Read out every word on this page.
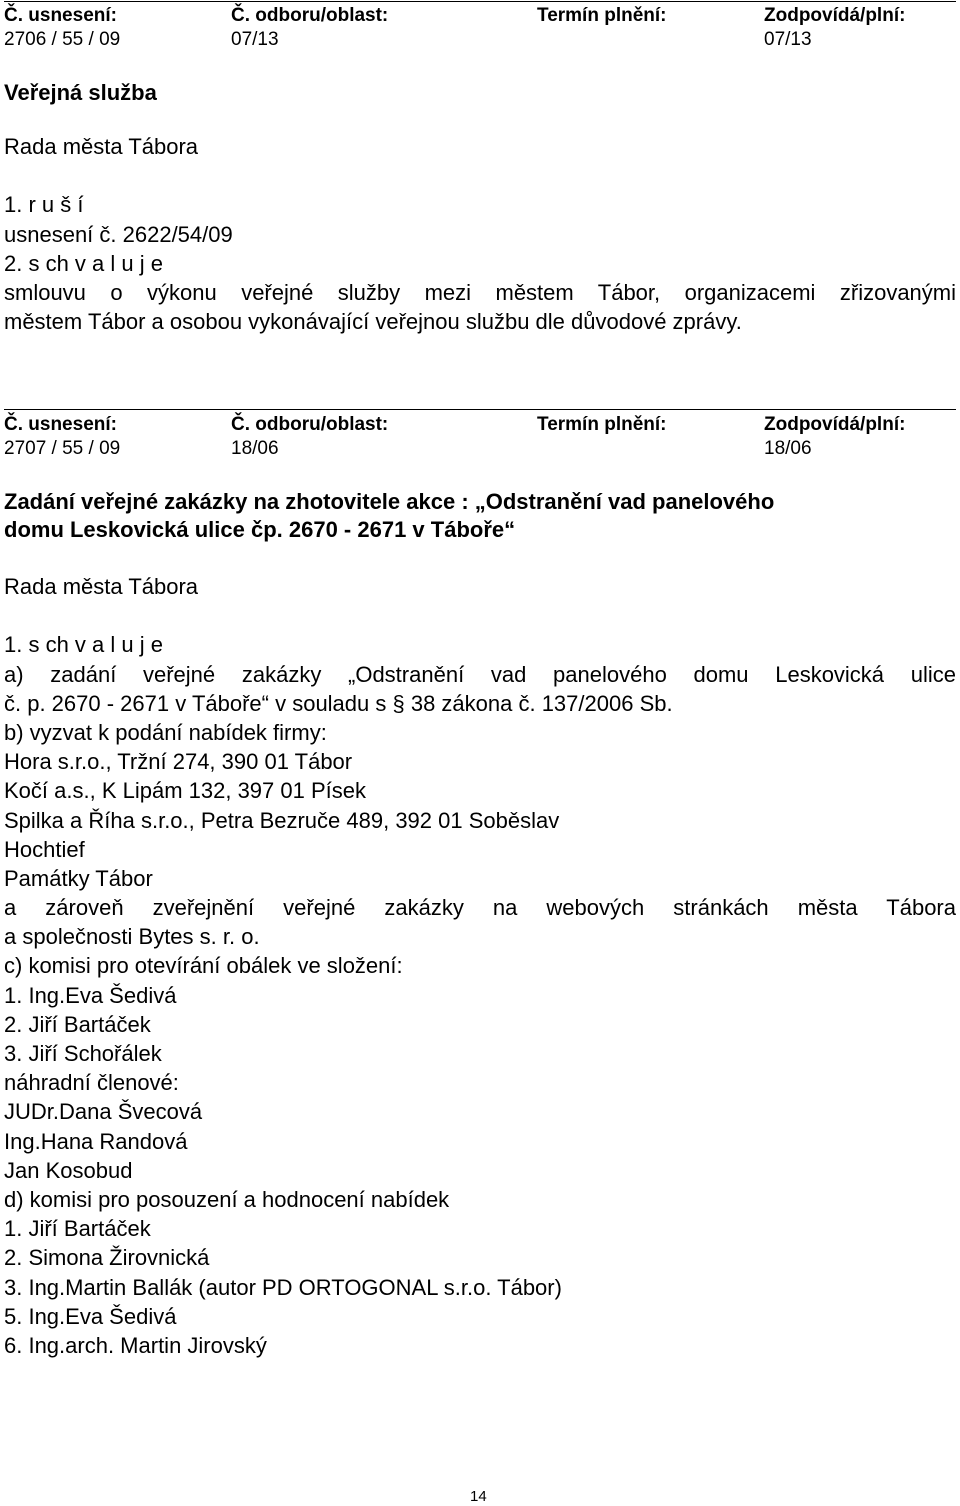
Č. usnesení:
2706 / 55 / 09
Č. odboru/oblast:
07/13
Termín plnění:	Zodpovídá/plní:
07/13
Veřejná služba
Rada města Tábora
1. r u š í
usnesení č. 2622/54/09
2. s ch v a l u j e
smlouvu o výkonu veřejné služby mezi městem Tábor, organizacemi zřizovanými
městem Tábor a osobou vykonávající veřejnou službu dle důvodové zprávy.
Č. usnesení:
2707 / 55 / 09
Č. odboru/oblast:
18/06
Termín plnění:	Zodpovídá/plní:
18/06
Zadání veřejné zakázky na zhotovitele akce : „Odstranění vad panelového
domu Leskovická ulice čp. 2670 - 2671 v Táboře“
Rada města Tábora
1. s ch v a l u j e
a) zadání veřejné zakázky „Odstranění vad panelového domu Leskovická ulice
č. p. 2670 - 2671 v Táboře“ v souladu s § 38 zákona č. 137/2006 Sb.
b) vyzvat k podání nabídek firmy:
Hora s.r.o., Tržní 274, 390 01 Tábor
Kočí a.s., K Lipám 132, 397 01 Písek
Spilka a Říha s.r.o., Petra Bezruče 489, 392 01 Soběslav
Hochtief
Památky Tábor
a zároveň zveřejnění veřejné zakázky na webových stránkách města Tábora
a společnosti Bytes s. r. o.
c) komisi pro otevírání obálek ve složení:
1. Ing.Eva Šedivá
2. Jiří Bartáček
3. Jiří Schořálek
náhradní členové:
JUDr.Dana Švecová
Ing.Hana Randová
Jan Kosobud
d) komisi pro posouzení a hodnocení nabídek
1. Jiří Bartáček
2. Simona Žirovnická
3. Ing.Martin Ballák (autor PD ORTOGONAL s.r.o. Tábor)
5. Ing.Eva Šedivá
6. Ing.arch. Martin Jirovský
14
